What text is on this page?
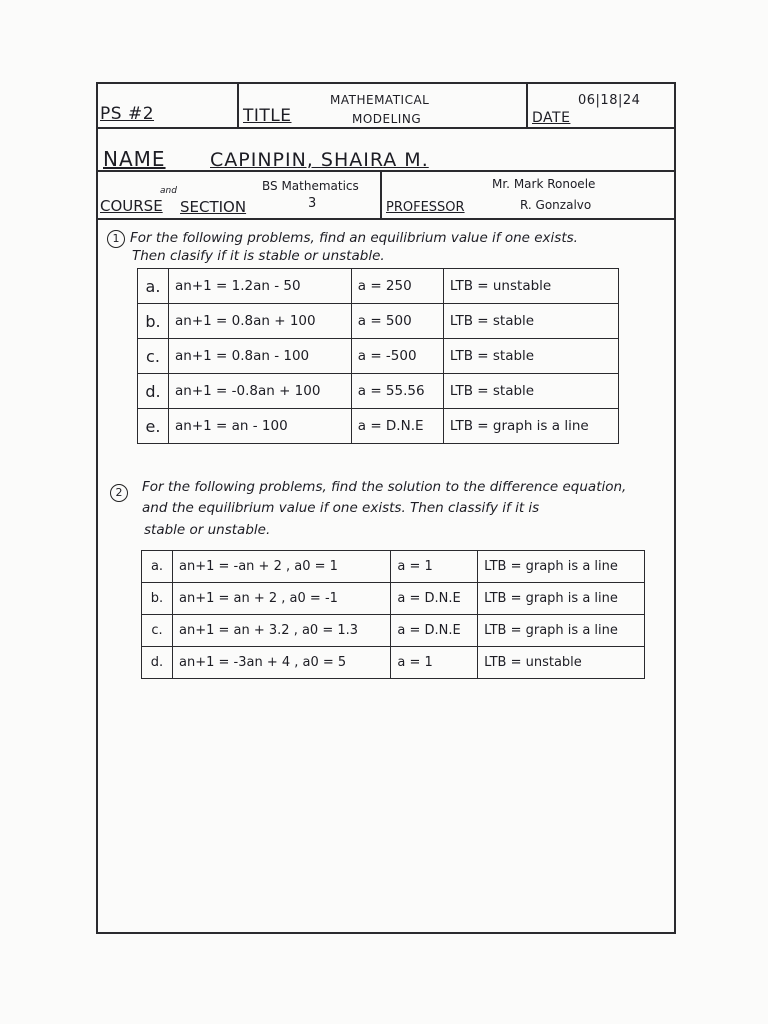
PS #2	TITLE
MATHEMATICAL
MODELING
06|18|24
DATE
NAME CAPINPIN, SHAIRA M.
COURSE
and
SECTION
BS Mathematics
3	PROFESSOR
Mr. Mark Ronoele
R. Gonzalvo
1 For the following problems, find an equilibrium value if one exists.
Then clasify if it is stable or unstable.
a.	an+1 = 1.2an - 50	a = 250	LTB = unstable
b.	an+1 = 0.8an + 100	a = 500	LTB = stable
c.	an+1 = 0.8an - 100	a = -500	LTB = stable
d.	an+1 = -0.8an + 100	a = 55.56	LTB = stable
e.	an+1 = an - 100	a = D.N.E	LTB = graph is a line
2	For the following problems, find the solution to the difference equation,
and the equilibrium value if one exists. Then classify if it is
stable or unstable.
a.	an+1 = -an + 2 , a0 = 1	a = 1	LTB = graph is a line
b.	an+1 = an + 2 , a0 = -1	a = D.N.E	LTB = graph is a line
c.	an+1 = an + 3.2 , a0 = 1.3	a = D.N.E	LTB = graph is a line
d.	an+1 = -3an + 4 , a0 = 5	a = 1	LTB = unstable
